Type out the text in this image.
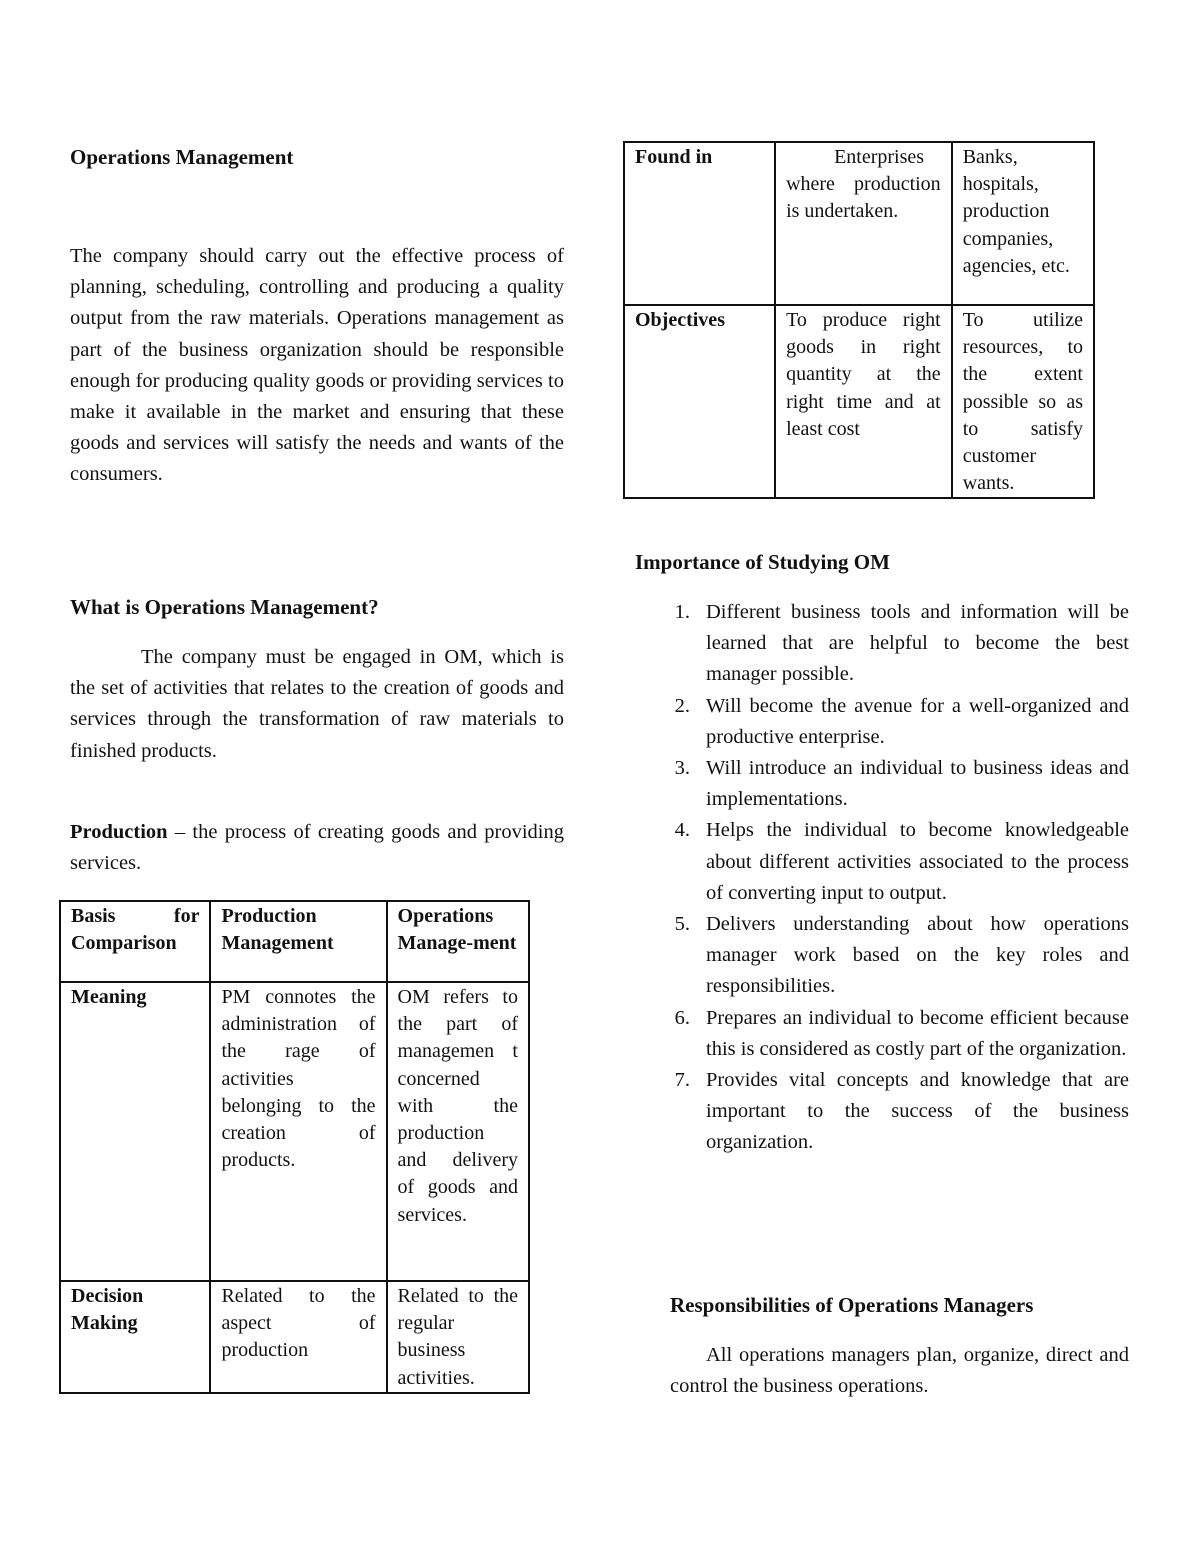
Operations Management
The company should carry out the effective process of planning, scheduling, controlling and producing a quality output from the raw materials. Operations management as part of the business organization should be responsible enough for producing quality goods or providing services to make it available in the market and ensuring that these goods and services will satisfy the needs and wants of the consumers.
What is Operations Management?
The company must be engaged in OM, which is the set of activities that relates to the creation of goods and services through the transformation of raw materials to finished products.
Production – the process of creating goods and providing services.
Basis for Comparison	Production Management	Operations Manage-ment
Meaning	PM connotes the administration of the rage of activities belonging to the creation of products.	OM refers to the part of managemen t concerned with the production and delivery of goods and services.
Decision Making	Related to the aspect of production	Related to the regular business activities.
Found in	Enterprises where production is undertaken.	Banks, hospitals, production companies, agencies, etc.
Objectives	To produce right goods in right quantity at the right time and at least cost	To utilize resources, to the extent possible so as to satisfy customer wants.
Importance of Studying OM
1. Different business tools and information will be learned that are helpful to become the best manager possible.
2. Will become the avenue for a well-organized and productive enterprise.
3. Will introduce an individual to business ideas and implementations.
4. Helps the individual to become knowledgeable about different activities associated to the process of converting input to output.
5. Delivers understanding about how operations manager work based on the key roles and responsibilities.
6. Prepares an individual to become efficient because this is considered as costly part of the organization.
7. Provides vital concepts and knowledge that are important to the success of the business organization.
Responsibilities of Operations Managers
All operations managers plan, organize, direct and control the business operations.
